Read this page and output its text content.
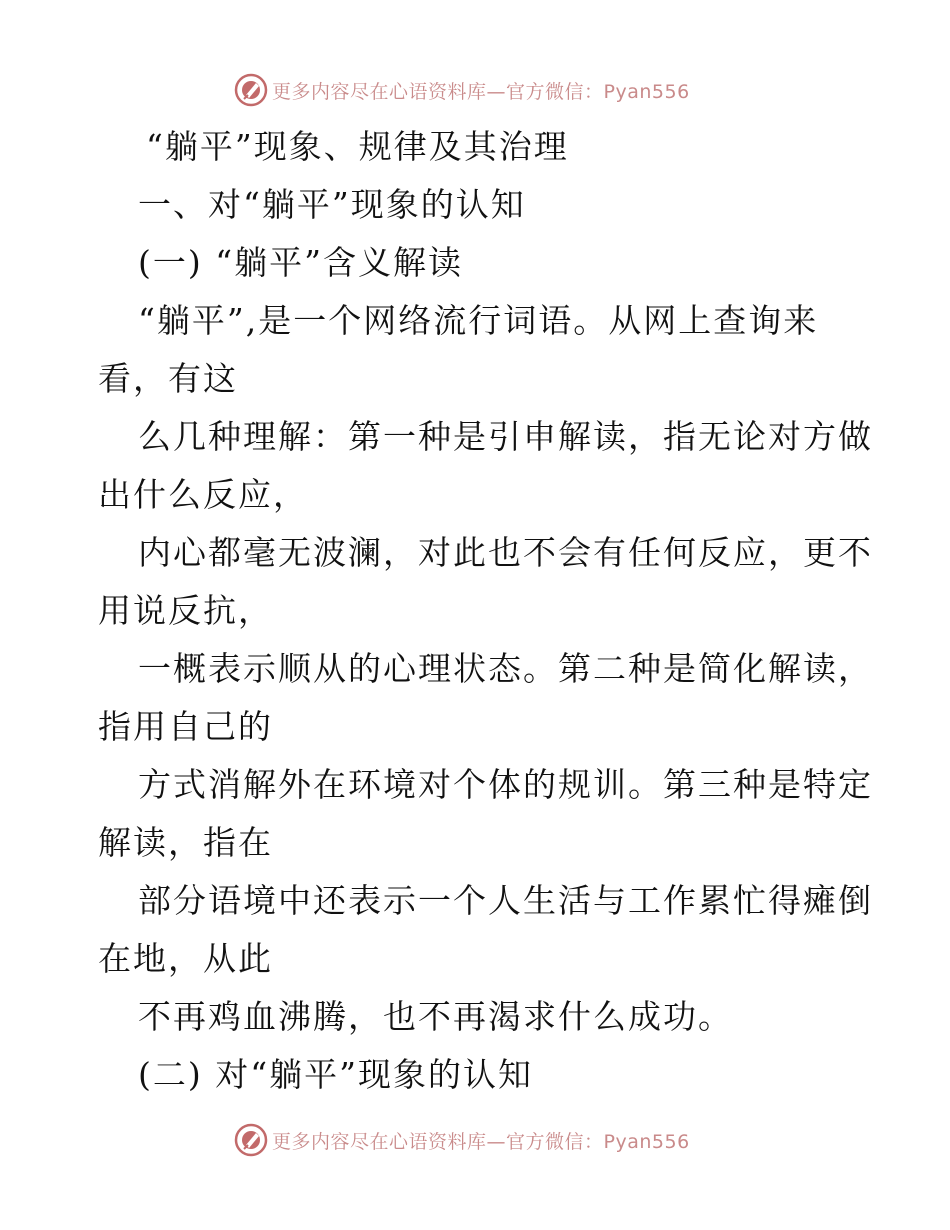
更多内容尽在心语资料库—官方微信：Pyan556
“躺平”现象、规律及其治理
一、对“躺平”现象的认知
(一) “躺平”含义解读
“躺平”,是一个网络流行词语。从网上查询来
看，有这
么几种理解：第一种是引申解读，指无论对方做
出什么反应，
内心都毫无波澜，对此也不会有任何反应，更不
用说反抗，
一概表示顺从的心理状态。第二种是简化解读，
指用自己的
方式消解外在环境对个体的规训。第三种是特定
解读，指在
部分语境中还表示一个人生活与工作累忙得瘫倒
在地，从此
不再鸡血沸腾，也不再渴求什么成功。
(二) 对“躺平”现象的认知
更多内容尽在心语资料库—官方微信：Pyan556
